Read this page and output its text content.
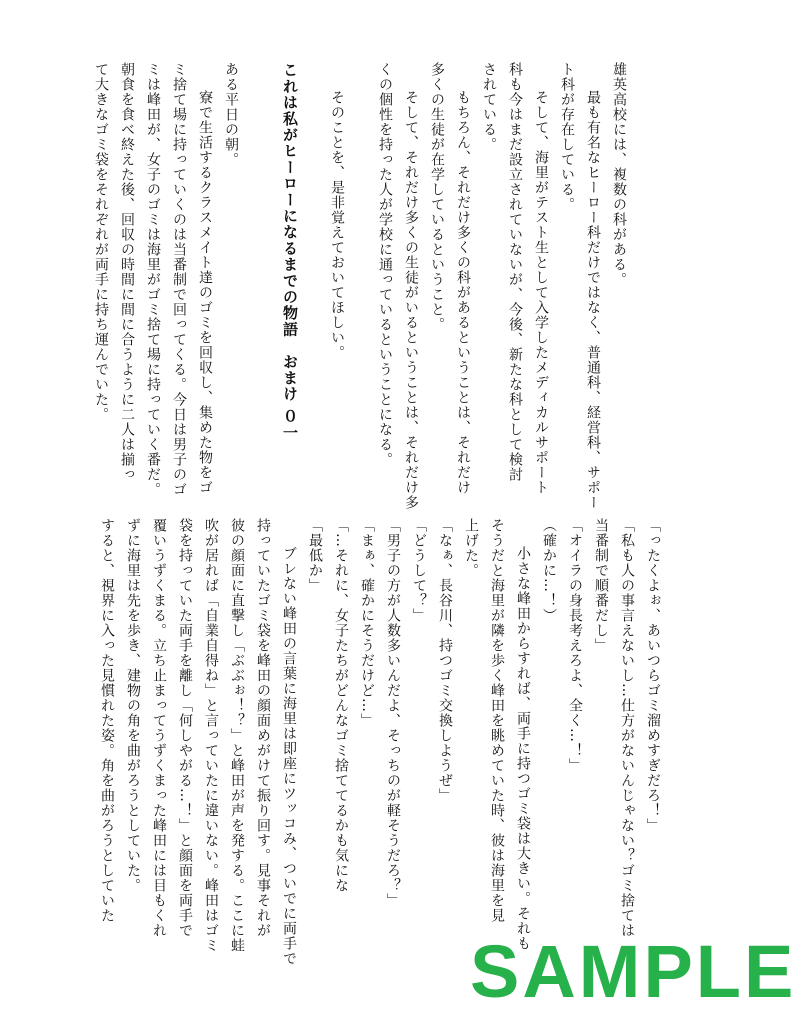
雄英高校には、複数の科がある。
最も有名なヒーロー科だけではなく、普通科、経営科、サポー
ト科が存在している。
そして、海里がテスト生として入学したメディカルサポート
科も今はまだ設立されていないが、今後、新たな科として検討
されている。
もちろん、それだけ多くの科があるということは、それだけ
多くの生徒が在学しているということ。
そして、それだけ多くの生徒がいるということは、それだけ多
くの個性を持った人が学校に通っているということになる。
そのことを、是非覚えておいてほしい。
これは私がヒーローになるまでの物語　おまけ ０一
ある平日の朝。
寮で生活するクラスメイト達のゴミを回収し、集めた物をゴ
ミ捨て場に持っていくのは当番制で回ってくる。今日は男子のゴ
ミは峰田が、女子のゴミは海里がゴミ捨て場に持っていく番だ。
朝食を食べ終えた後、回収の時間に間に合うように二人は揃っ
て大きなゴミ袋をそれぞれが両手に持ち運んでいた。
「ったくよぉ、あいつらゴミ溜めすぎだろ！」
「私も人の事言えないし…仕方がないんじゃない？ゴミ捨ては
当番制で順番だし」
「オイラの身長考えろよ、全く…！」
（確かに…！）
小さな峰田からすれば、両手に持つゴミ袋は大きい。それも
そうだと海里が隣を歩く峰田を眺めていた時、彼は海里を見
上げた。
「なぁ、長谷川、持つゴミ交換しようぜ」
「どうして？」
「男子の方が人数多いんだよ、そっちのが軽そうだろ？」
「まぁ、確かにそうだけど…」
「…それに、女子たちがどんなゴミ捨ててるかも気にな
「最低か」
ブレない峰田の言葉に海里は即座にツッコみ、ついでに両手で
持っていたゴミ袋を峰田の顔面めがけて振り回す。見事それが
彼の顔面に直撃し「ぶぶぉ！？」と峰田が声を発する。ここに蛙
吹が居れば「自業自得ね」と言っていたに違いない。峰田はゴミ
袋を持っていた両手を離し「何しやがる…！」と顔面を両手で
覆いうずくまる。立ち止まってうずくまった峰田には目もくれ
ずに海里は先を歩き、建物の角を曲がろうとしていた。
すると、視界に入った見慣れた姿。角を曲がろうとしていた
SAMPLE
